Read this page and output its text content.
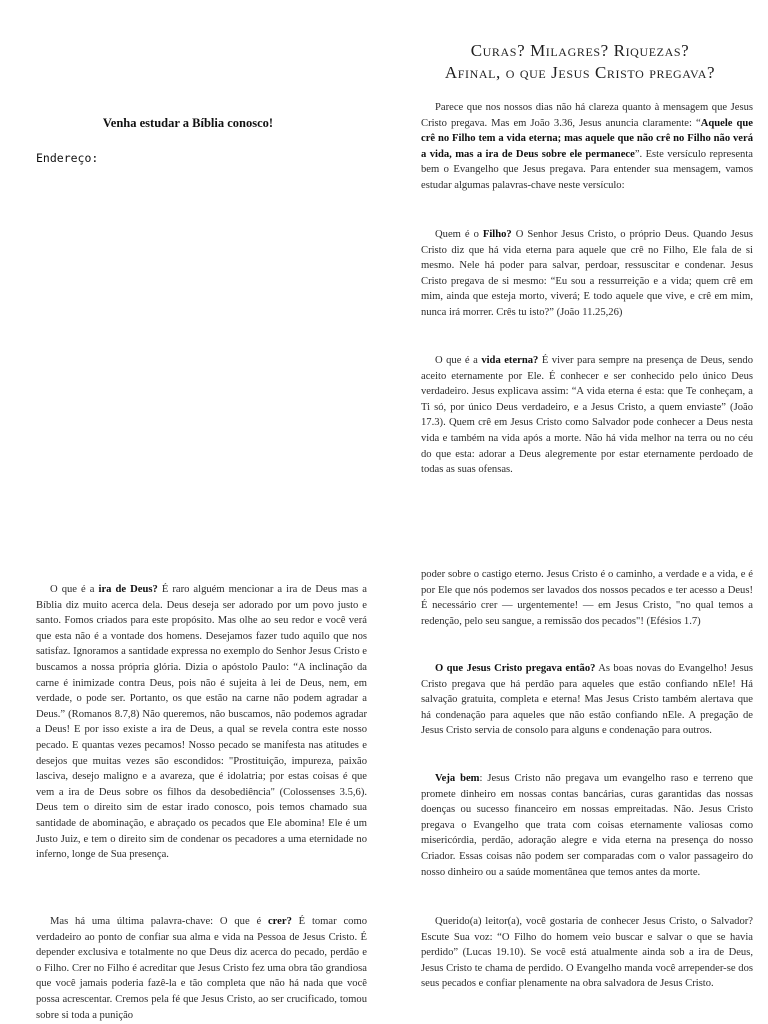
Curas? Milagres? Riquezas?
Afinal, o que Jesus Cristo pregava?
Venha estudar a Bíblia conosco!
Endereço:

Parece que nos nossos dias não há clareza quanto à mensagem que Jesus Cristo pregava. Mas em João 3.36, Jesus anuncia claramente: “Aquele que crê no Filho tem a vida eterna; mas aquele que não crê no Filho não verá a vida, mas a ira de Deus sobre ele permanece”. Este versículo representa bem o Evangelho que Jesus pregava. Para entender sua mensagem, vamos estudar algumas palavras-chave neste versículo:

Quem é o Filho? O Senhor Jesus Cristo, o próprio Deus. Quando Jesus Cristo diz que há vida eterna para aquele que crê no Filho, Ele fala de si mesmo. Nele há poder para salvar, perdoar, ressuscitar e condenar. Jesus Cristo pregava de si mesmo: “Eu sou a ressurreição e a vida; quem crê em mim, ainda que esteja morto, viverá; E todo aquele que vive, e crê em mim, nunca irá morrer. Crês tu isto?” (João 11.25,26)

O que é a vida eterna? É viver para sempre na presença de Deus, sendo aceito eternamente por Ele. É conhecer e ser conhecido pelo único Deus verdadeiro. Jesus explicava assim: “A vida eterna é esta: que Te conheçam, a Ti só, por único Deus verdadeiro, e a Jesus Cristo, a quem enviaste” (João 17.3). Quem crê em Jesus Cristo como Salvador pode conhecer a Deus nesta vida e também na vida após a morte. Não há vida melhor na terra ou no céu do que esta: adorar a Deus alegremente por estar eternamente perdoado de todas as suas ofensas.

O que é a ira de Deus? É raro alguém mencionar a ira de Deus mas a Bíblia diz muito acerca dela. Deus deseja ser adorado por um povo justo e santo. Fomos criados para este propósito. Mas olhe ao seu redor e você verá que esta não é a vontade dos homens. Desejamos fazer tudo aquilo que nos satisfaz. Ignoramos a santidade expressa no exemplo do Senhor Jesus Cristo e buscamos a nossa própria glória. Dizia o apóstolo Paulo: “A inclinação da carne é inimizade contra Deus, pois não é sujeita à lei de Deus, nem, em verdade, o pode ser. Portanto, os que estão na carne não podem agradar a Deus.” (Romanos 8.7,8) Não queremos, não buscamos, não podemos agradar a Deus! E por isso existe a ira de Deus, a qual se revela contra este nosso pecado. E quantas vezes pecamos! Nosso pecado se manifesta nas atitudes e desejos que muitas vezes são escondidos: "Prostituição, impureza, paixão lasciva, desejo maligno e a avareza, que é idolatria; por estas coisas é que vem a ira de Deus sobre os filhos da desobediência" (Colossenses 3.5,6). Deus tem o direito sim de estar irado conosco, pois temos chamado sua santidade de abominação, e abraçado os pecados que Ele abomina! Ele é um Justo Juiz, e tem o direito sim de condenar os pecadores a uma eternidade no inferno, longe de Sua presença.

Mas há uma última palavra-chave: O que é crer? É tomar como verdadeiro ao ponto de confiar sua alma e vida na Pessoa de Jesus Cristo. É depender exclusiva e totalmente no que Deus diz acerca do pecado, perdão e o Filho. Crer no Filho é acreditar que Jesus Cristo fez uma obra tão grandiosa que você jamais poderia fazê-la e tão completa que não há nada que você possa acrescentar. Cremos pela fé que Jesus Cristo, ao ser crucificado, tomou sobre si toda a punição

poder sobre o castigo eterno. Jesus Cristo é o caminho, a verdade e a vida, e é por Ele que nós podemos ser lavados dos nossos pecados e ter acesso a Deus! É necessário crer — urgentemente! — em Jesus Cristo, "no qual temos a redenção, pelo seu sangue, a remissão dos pecados"! (Efésios 1.7)

O que Jesus Cristo pregava então? As boas novas do Evangelho! Jesus Cristo pregava que há perdão para aqueles que estão confiando nEle! Há salvação gratuita, completa e eterna! Mas Jesus Cristo também alertava que há condenação para aqueles que não estão confiando nEle. A pregação de Jesus Cristo servia de consolo para alguns e condenação para outros.

Veja bem: Jesus Cristo não pregava um evangelho raso e terreno que promete dinheiro em nossas contas bancárias, curas garantidas das nossas doenças ou sucesso financeiro em nossas empreitadas. Não. Jesus Cristo pregava o Evangelho que trata com coisas eternamente valiosas como misericórdia, perdão, adoração alegre e vida eterna na presença do nosso Criador. Essas coisas não podem ser comparadas com o valor passageiro do nosso dinheiro ou a saúde momentânea que temos antes da morte.

Querido(a) leitor(a), você gostaria de conhecer Jesus Cristo, o Salvador? Escute Sua voz: “O Filho do homem veio buscar e salvar o que se havia perdido” (Lucas 19.10). Se você está atualmente ainda sob a ira de Deus, Jesus Cristo te chama de perdido. O Evangelho manda você arrepender-se dos seus pecados e confiar plenamente na obra salvadora de Jesus Cristo.
